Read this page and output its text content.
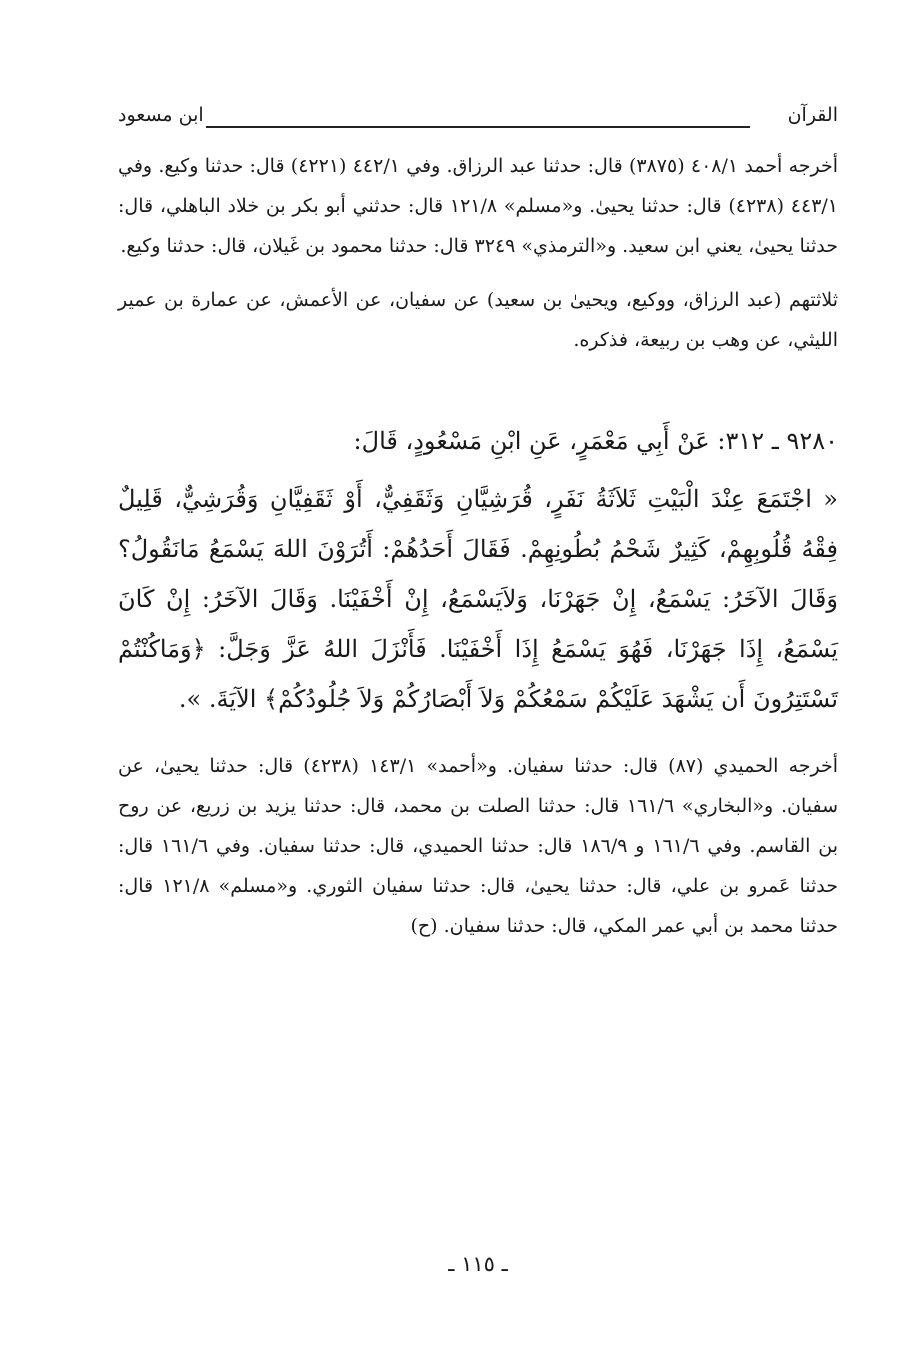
القرآن
ابن مسعود

أخرجه أحمد ٤٠٨/١ (٣٨٧٥) قال: حدثنا عبد الرزاق. وفي ٤٤٢/١ (٤٢٢١) قال: حدثنا وكيع. وفي ٤٤٣/١ (٤٢٣٨) قال: حدثنا يحيىٰ. و«مسلم» ١٢١/٨ قال: حدثني أبو بكر بن خلاد الباهلي، قال: حدثنا يحيىٰ، يعني ابن سعيد. و«الترمذي» ٣٢٤٩ قال: حدثنا محمود بن غَيلان، قال: حدثنا وكيع.

ثلاثتهم (عبد الرزاق، ووكيع، ويحيىٰ بن سعيد) عن سفيان، عن الأعمش، عن عمارة بن عمير الليثي، عن وهب بن ربيعة، فذكره.

٩٢٨٠ ـ ٣١٢: عَنْ أَبِي مَعْمَرٍ، عَنِ ابْنِ مَسْعُودٍ، قَالَ:

« اجْتَمَعَ عِنْدَ الْبَيْتِ ثَلاَثَةُ نَفَرٍ، قُرَشِيَّانِ وَثَقَفِيٌّ، أَوْ ثَقَفِيَّانِ وَقُرَشِيٌّ، قَلِيلٌ فِقْهُ قُلُوبِهِمْ، كَثِيرٌ شَحْمُ بُطُونِهِمْ. فَقَالَ أَحَدُهُمْ: أَتُرَوْنَ اللهَ يَسْمَعُ مَانَقُولُ؟ وَقَالَ الآخَرُ: يَسْمَعُ، إِنْ جَهَرْنَا، وَلاَيَسْمَعُ، إِنْ أَخْفَيْنَا. وَقَالَ الآخَرُ: إِنْ كَانَ يَسْمَعُ، إِذَا جَهَرْنَا، فَهُوَ يَسْمَعُ إِذَا أَخْفَيْنَا. فَأَنْزَلَ اللهُ عَزَّ وَجَلَّ: ﴿وَمَاكُنْتُمْ تَسْتَتِرُونَ أَن يَشْهَدَ عَلَيْكُمْ سَمْعُكُمْ وَلاَ أَبْصَارُكُمْ وَلاَ جُلُودُكُمْ﴾ الآيَةَ. ».

أخرجه الحميدي (٨٧) قال: حدثنا سفيان. و«أحمد» ١٤٣/١ (٤٢٣٨) قال: حدثنا يحيىٰ، عن سفيان. و«البخاري» ١٦١/٦ قال: حدثنا الصلت بن محمد، قال: حدثنا يزيد بن زريع، عن روح بن القاسم. وفي ١٦١/٦ و ١٨٦/٩ قال: حدثنا الحميدي، قال: حدثنا سفيان. وفي ١٦١/٦ قال: حدثنا عَمرو بن علي، قال: حدثنا يحيىٰ، قال: حدثنا سفيان الثوري. و«مسلم» ١٢١/٨ قال: حدثنا محمد بن أبي عمر المكي، قال: حدثنا سفيان. (ح)

ـ ١١٥ ـ
